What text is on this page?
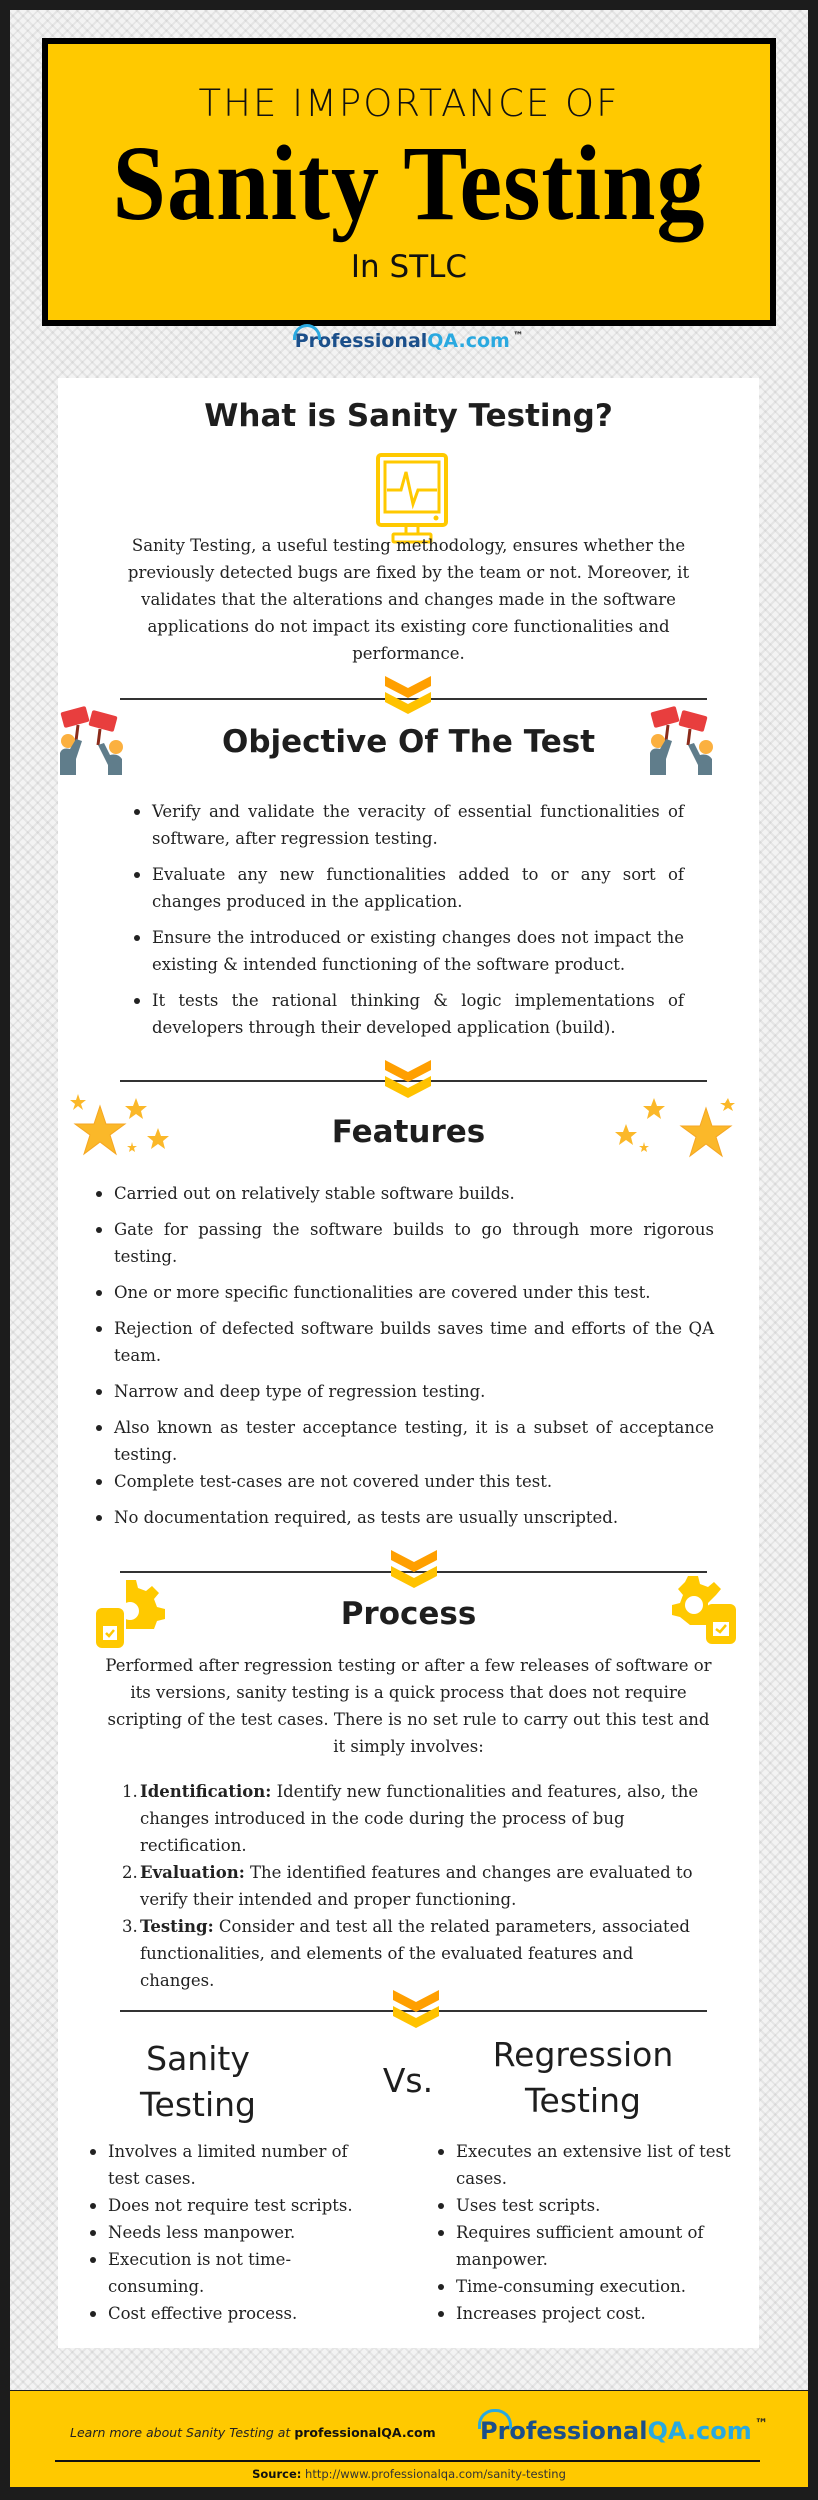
THE IMPORTANCE OF
Sanity Testing
In STLC
Professional QA.com ™
What is Sanity Testing?
Sanity Testing, a useful testing methodology, ensures whether the previously detected bugs are fixed by the team or not. Moreover, it validates that the alterations and changes made in the software applications do not impact its existing core functionalities and performance.
Objective Of The Test
Verify and validate the veracity of essential functionalities of software, after regression testing.
Evaluate any new functionalities added to or any sort of changes produced in the application.
Ensure the introduced or existing changes does not impact the existing & intended functioning of the software product.
It tests the rational thinking & logic implementations of developers through their developed application (build).
Features
Carried out on relatively stable software builds.
Gate for passing the software builds to go through more rigorous testing.
One or more specific functionalities are covered under this test.
Rejection of defected software builds saves time and efforts of the QA team.
Narrow and deep type of regression testing.
Also known as tester acceptance testing, it is a subset of acceptance testing.
Complete test-cases are not covered under this test.
No documentation required, as tests are usually unscripted.
Process
Performed after regression testing or after a few releases of software or its versions, sanity testing is a quick process that does not require scripting of the test cases. There is no set rule to carry out this test and it simply involves:
1. Identification: Identify new functionalities and features, also, the changes introduced in the code during the process of bug rectification.
2. Evaluation: The identified features and changes are evaluated to verify their intended and proper functioning.
3. Testing: Consider and test all the related parameters, associated functionalities, and elements of the evaluated features and changes.
Sanity
Testing
Vs.
Regression
Testing
Involves a limited number of test cases.
Does not require test scripts.
Needs less manpower.
Execution is not time-consuming.
Cost effective process.
Executes an extensive list of test cases.
Uses test scripts.
Requires sufficient amount of manpower.
Time-consuming execution.
Increases project cost.
Learn more about Sanity Testing at professionalQA.com Professional QA.com ™
Source: http://www.professionalqa.com/sanity-testing
